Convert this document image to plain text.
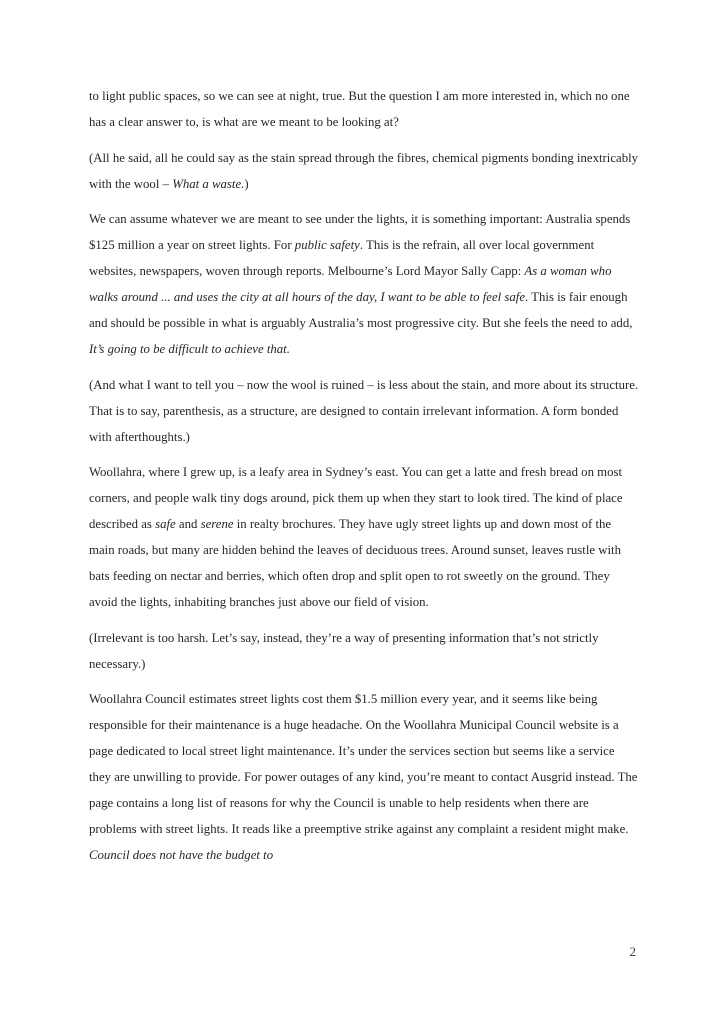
to light public spaces, so we can see at night, true. But the question I am more interested in, which no one has a clear answer to, is what are we meant to be looking at?

(All he said, all he could say as the stain spread through the fibres, chemical pigments bonding inextricably with the wool – What a waste.)

We can assume whatever we are meant to see under the lights, it is something important: Australia spends $125 million a year on street lights. For public safety. This is the refrain, all over local government websites, newspapers, woven through reports. Melbourne’s Lord Mayor Sally Capp: As a woman who walks around ... and uses the city at all hours of the day, I want to be able to feel safe. This is fair enough and should be possible in what is arguably Australia’s most progressive city. But she feels the need to add, It’s going to be difficult to achieve that.

(And what I want to tell you – now the wool is ruined – is less about the stain, and more about its structure. That is to say, parenthesis, as a structure, are designed to contain irrelevant information. A form bonded with afterthoughts.)

Woollahra, where I grew up, is a leafy area in Sydney’s east. You can get a latte and fresh bread on most corners, and people walk tiny dogs around, pick them up when they start to look tired. The kind of place described as safe and serene in realty brochures. They have ugly street lights up and down most of the main roads, but many are hidden behind the leaves of deciduous trees. Around sunset, leaves rustle with bats feeding on nectar and berries, which often drop and split open to rot sweetly on the ground. They avoid the lights, inhabiting branches just above our field of vision.

(Irrelevant is too harsh. Let’s say, instead, they’re a way of presenting information that’s not strictly necessary.)

Woollahra Council estimates street lights cost them $1.5 million every year, and it seems like being responsible for their maintenance is a huge headache. On the Woollahra Municipal Council website is a page dedicated to local street light maintenance. It’s under the services section but seems like a service they are unwilling to provide. For power outages of any kind, you’re meant to contact Ausgrid instead. The page contains a long list of reasons for why the Council is unable to help residents when there are problems with street lights. It reads like a preemptive strike against any complaint a resident might make. Council does not have the budget to

2
